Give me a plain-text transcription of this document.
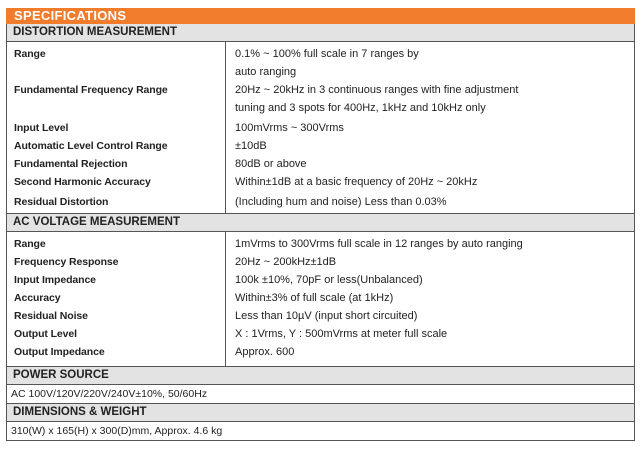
SPECIFICATIONS
DISTORTION MEASUREMENT
Range	0.1% ~ 100% full scale in 7 ranges by
auto ranging
Fundamental Frequency Range	20Hz ~ 20kHz in 3 continuous ranges with fine adjustment
tuning and 3 spots for 400Hz, 1kHz and 10kHz only
Input Level	100mVrms ~ 300Vrms
Automatic Level Control Range	±10dB
Fundamental Rejection	80dB or above
Second Harmonic Accuracy	Within±1dB at a basic frequency of 20Hz ~ 20kHz
Residual Distortion	(Including hum and noise) Less than 0.03%
AC VOLTAGE MEASUREMENT
Range	1mVrms to 300Vrms full scale in 12 ranges by auto ranging
Frequency Response	20Hz ~ 200kHz±1dB
Input Impedance	100k ±10%, 70pF or less(Unbalanced)
Accuracy	Within±3% of full scale (at 1kHz)
Residual Noise	Less than 10µV (input short circuited)
Output Level	X : 1Vrms, Y : 500mVrms at meter full scale
Output Impedance	Approx. 600
POWER SOURCE
AC 100V/120V/220V/240V±10%, 50/60Hz
DIMENSIONS & WEIGHT
310(W) x 165(H) x 300(D)mm, Approx. 4.6 kg
